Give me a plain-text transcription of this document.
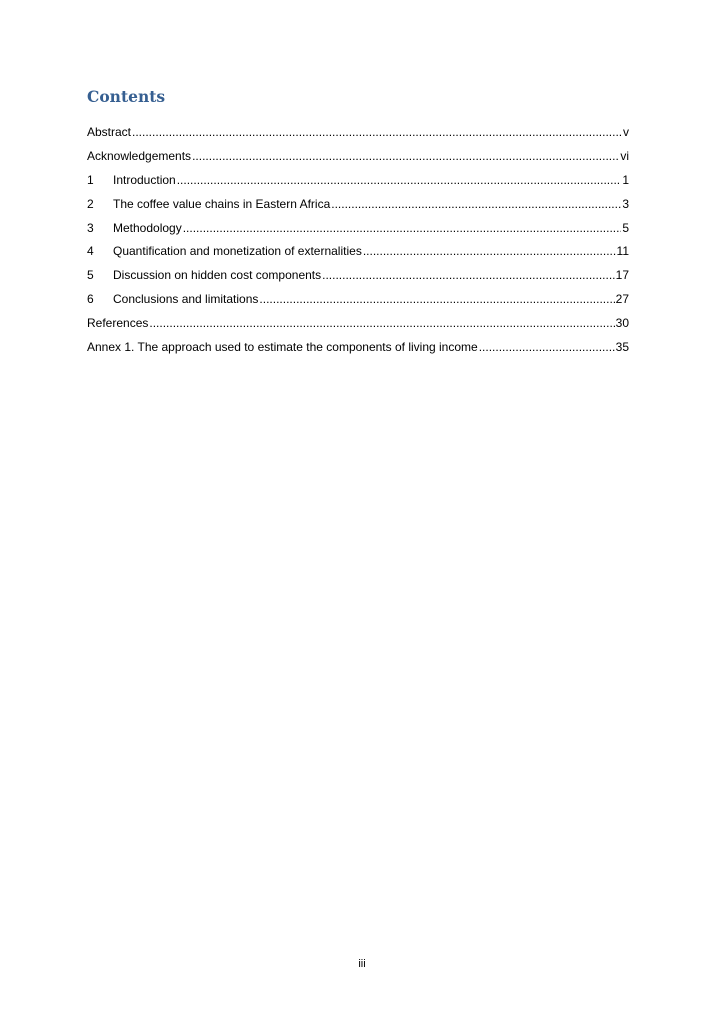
Contents
Abstract .....	v
Acknowledgements .....	vi
1	Introduction .....	1
2	The coffee value chains in Eastern Africa .....	3
3	Methodology .....	5
4	Quantification and monetization of externalities .....	11
5	Discussion on hidden cost components .....	17
6	Conclusions and limitations .....	27
References .....	30
Annex 1. The approach used to estimate the components of living income .....	35
iii
